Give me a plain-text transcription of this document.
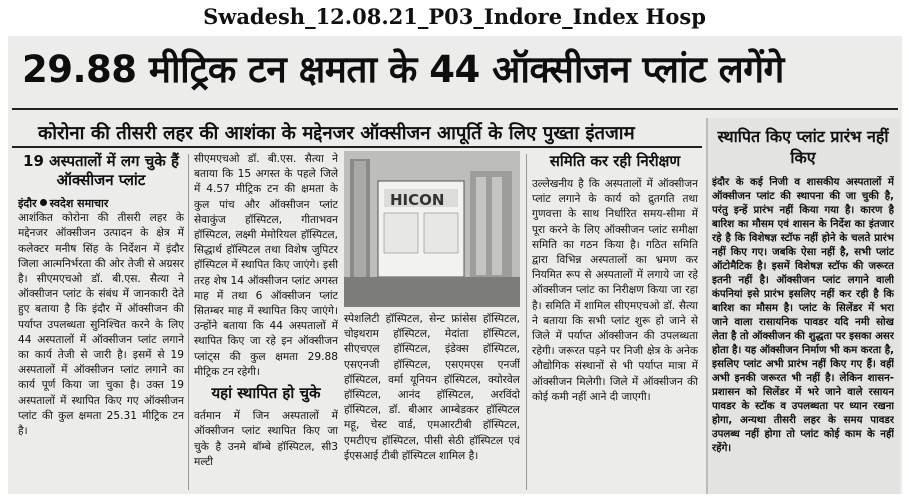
Swadesh_12.08.21_P03_Indore_Index Hosp
29.88 मीट्रिक टन क्षमता के 44 ऑक्सीजन प्लांट लगेंगे
कोरोना की तीसरी लहर की आशंका के मद्देनजर ऑक्सीजन आपूर्ति के लिए पुख्ता इंतजाम
19 अस्पतालों में लग चुके हैं ऑक्सीजन प्लांट
इंदौर स्वदेश समाचार

आशंकित कोरोना की तीसरी लहर के मद्देनजर ऑक्सीजन उत्पादन के क्षेत्र में कलेक्टर मनीष सिंह के निर्देशन में इंदौर जिला आत्मनिर्भरता की ओर तेजी से अग्रसर है। सीएमएचओ डॉ. बी.एस. सैत्या ने ऑक्सीजन प्लांट के संबंध में जानकारी देते हुए बताया है कि इंदौर में ऑक्सीजन की पर्याप्त उपलब्धता सुनिश्चित करने के लिए 44 अस्पतालों में ऑक्सीजन प्लांट लगाने का कार्य तेजी से जारी है। इसमें से 19 अस्पतालों में ऑक्सीजन प्लांट लगाने का कार्य पूर्ण किया जा चुका है। उक्त 19 अस्पतालों में स्थापित किए गए ऑक्सीजन प्लांट की कुल क्षमता 25.31 मीट्रिक टन है।

सीएमएचओ डॉ. बी.एस. सैत्या ने बताया कि 15 अगस्त के पहले जिले में 4.57 मीट्रिक टन की क्षमता के कुल पांच और ऑक्सीजन प्लांट सेवाकुंज हॉस्पिटल, गीताभवन हॉस्पिटल, लक्ष्मी मेमोरियल हॉस्पिटल, सिद्धार्थ हॉस्पिटल तथा विशेष जुपिटर हॉस्पिटल में स्थापित किए जाएंगे। इसी तरह शेष 14 ऑक्सीजन प्लांट अगस्त माह में तथा 6 ऑक्सीजन प्लांट सितम्बर माह में स्थापित किए जाएंगे। उन्होंने बताया कि 44 अस्पतालों में स्थापित किए जा रहे इन ऑक्सीजन प्लांट्स की कुल क्षमता 29.88 मीट्रिक टन रहेगी।

यहां स्थापित हो चुके

वर्तमान में जिन अस्पतालों में ऑक्सीजन प्लांट स्थापित किए जा चुके है उनमे बॉम्बे हॉस्पिटल, सी3 मल्टी

HICON

स्पेशलिटी हॉस्पिटल, सेन्ट फ्रांसेस हॉस्पिटल, चोइथराम हॉस्पिटल, मेदांता हॉस्पिटल, सीएचएल हॉस्पिटल, इंडेक्स हॉस्पिटल, एसएनजी हॉस्पिटल, एसएमएस एनर्जी हॉस्पिटल, वर्मा यूनियन हॉस्पिटल, क्योरवेल हॉस्पिटल, आनंद हॉस्पिटल, अरविंदो हॉस्पिटल, डॉ. बीआर आम्बेडकर हॉस्पिटल महू, चेस्ट वार्ड, एमआरटीबी हॉस्पिटल, एमटीएच हॉस्पिटल, पीसी सेठी हॉस्पिटल एवं ईएसआई टीबी हॉस्पिटल शामिल है।

समिति कर रही निरीक्षण

उल्लेखनीय है कि अस्पतालों में ऑक्सीजन प्लांट लगाने के कार्य को द्रुतगति तथा गुणवत्ता के साथ निर्धारित समय-सीमा में पूरा करने के लिए ऑक्सीजन प्लांट समीक्षा समिति का गठन किया है। गठित समिति द्वारा विभिन्न अस्पतालों का भ्रमण कर नियमित रूप से अस्पतालों में लगाये जा रहे ऑक्सीजन प्लांट का निरीक्षण किया जा रहा है। समिति में शामिल सीएमएचओ डॉ. सैत्या ने बताया कि सभी प्लांट शुरू हो जाने से जिले में पर्याप्त ऑक्सीजन की उपलब्धता रहेगी। जरूरत पड़ने पर निजी क्षेत्र के अनेक औद्योगिक संस्थानों से भी पर्याप्त मात्रा में ऑक्सीजन मिलेगी। जिले में ऑक्सीजन की कोई कमी नहीं आने दी जाएगी।

स्थापित किए प्लांट प्रारंभ नहीं किए
इंदौर के कई निजी व शासकीय अस्पतालों में ऑक्सीजन प्लांट की स्थापना की जा चुकी है, परंतु इन्हें प्रारंभ नहीं किया गया है। कारण है बारिश का मौसम एवं शासन के निर्देश का इंतजार रहे है कि विशेषज्ञ स्टॉफ नहीं होने के चलते प्रारंभ नहीं किए गए। जबकि ऐसा नहीं है, सभी प्लांट ऑटोमैटिक है। इसमें विशेषज्ञ स्टॉफ की जरूरत इतनी नहीं है। ऑक्सीजन प्लांट लगाने वाली कंपनियां इसे प्रारंभ इसलिए नहीं कर रही है कि बारिश का मौसम है। प्लांट के सिलेंडर में भरा जाने वाला रासायनिक पावडर यदि नमी सोख लेता है तो ऑक्सीजन की शुद्धता पर इसका असर होता है। यह ऑक्सीजन निर्माण भी कम करता है, इसलिए प्लांट अभी प्रारंभ नहीं किए गए हैं। वहीं अभी इनकी जरूरत भी नहीं है। लेकिन शासन-प्रशासन को सिलेंडर में भरे जाने वाले रसायन पावडर के स्टॉक व उपलब्धता पर ध्यान रखना होगा, अन्यथा तीसरी लहर के समय पावडर उपलब्ध नहीं होगा तो प्लांट कोई काम के नहीं रहेंगे।
